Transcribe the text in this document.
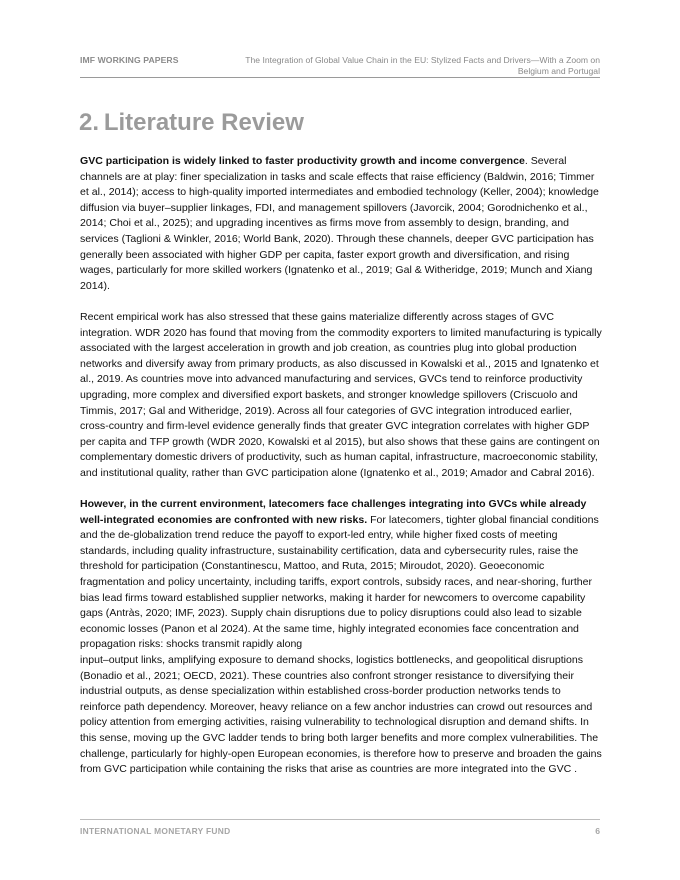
IMF WORKING PAPERS	The Integration of Global Value Chain in the EU: Stylized Facts and Drivers—With a Zoom on Belgium and Portugal
2. Literature Review

GVC participation is widely linked to faster productivity growth and income convergence. Several channels are at play: finer specialization in tasks and scale effects that raise efficiency (Baldwin, 2016; Timmer et al., 2014); access to high-quality imported intermediates and embodied technology (Keller, 2004); knowledge diffusion via buyer–supplier linkages, FDI, and management spillovers (Javorcik, 2004; Gorodnichenko et al., 2014; Choi et al., 2025); and upgrading incentives as firms move from assembly to design, branding, and services (Taglioni & Winkler, 2016; World Bank, 2020). Through these channels, deeper GVC participation has generally been associated with higher GDP per capita, faster export growth and diversification, and rising wages, particularly for more skilled workers (Ignatenko et al., 2019; Gal & Witheridge, 2019; Munch and Xiang 2014).

Recent empirical work has also stressed that these gains materialize differently across stages of GVC integration. WDR 2020 has found that moving from the commodity exporters to limited manufacturing is typically associated with the largest acceleration in growth and job creation, as countries plug into global production networks and diversify away from primary products, as also discussed in Kowalski et al., 2015 and Ignatenko et al., 2019. As countries move into advanced manufacturing and services, GVCs tend to reinforce productivity upgrading, more complex and diversified export baskets, and stronger knowledge spillovers (Criscuolo and Timmis, 2017; Gal and Witheridge, 2019). Across all four categories of GVC integration introduced earlier, cross-country and firm-level evidence generally finds that greater GVC integration correlates with higher GDP per capita and TFP growth (WDR 2020, Kowalski et al 2015), but also shows that these gains are contingent on complementary domestic drivers of productivity, such as human capital, infrastructure, macroeconomic stability, and institutional quality, rather than GVC participation alone (Ignatenko et al., 2019; Amador and Cabral 2016).

However, in the current environment, latecomers face challenges integrating into GVCs while already well-integrated economies are confronted with new risks. For latecomers, tighter global financial conditions and the de-globalization trend reduce the payoff to export-led entry, while higher fixed costs of meeting standards, including quality infrastructure, sustainability certification, data and cybersecurity rules, raise the threshold for participation (Constantinescu, Mattoo, and Ruta, 2015; Miroudot, 2020). Geoeconomic fragmentation and policy uncertainty, including tariffs, export controls, subsidy races, and near-shoring, further bias lead firms toward established supplier networks, making it harder for newcomers to overcome capability gaps (Antràs, 2020; IMF, 2023). Supply chain disruptions due to policy disruptions could also lead to sizable economic losses (Panon et al 2024). At the same time, highly integrated economies face concentration and propagation risks: shocks transmit rapidly along

input–output links, amplifying exposure to demand shocks, logistics bottlenecks, and geopolitical disruptions (Bonadio et al., 2021; OECD, 2021). These countries also confront stronger resistance to diversifying their industrial outputs, as dense specialization within established cross-border production networks tends to reinforce path dependency. Moreover, heavy reliance on a few anchor industries can crowd out resources and policy attention from emerging activities, raising vulnerability to technological disruption and demand shifts. In this sense, moving up the GVC ladder tends to bring both larger benefits and more complex vulnerabilities. The challenge, particularly for highly-open European economies, is therefore how to preserve and broaden the gains from GVC participation while containing the risks that arise as countries are more integrated into the GVC .

INTERNATIONAL MONETARY FUND	6
